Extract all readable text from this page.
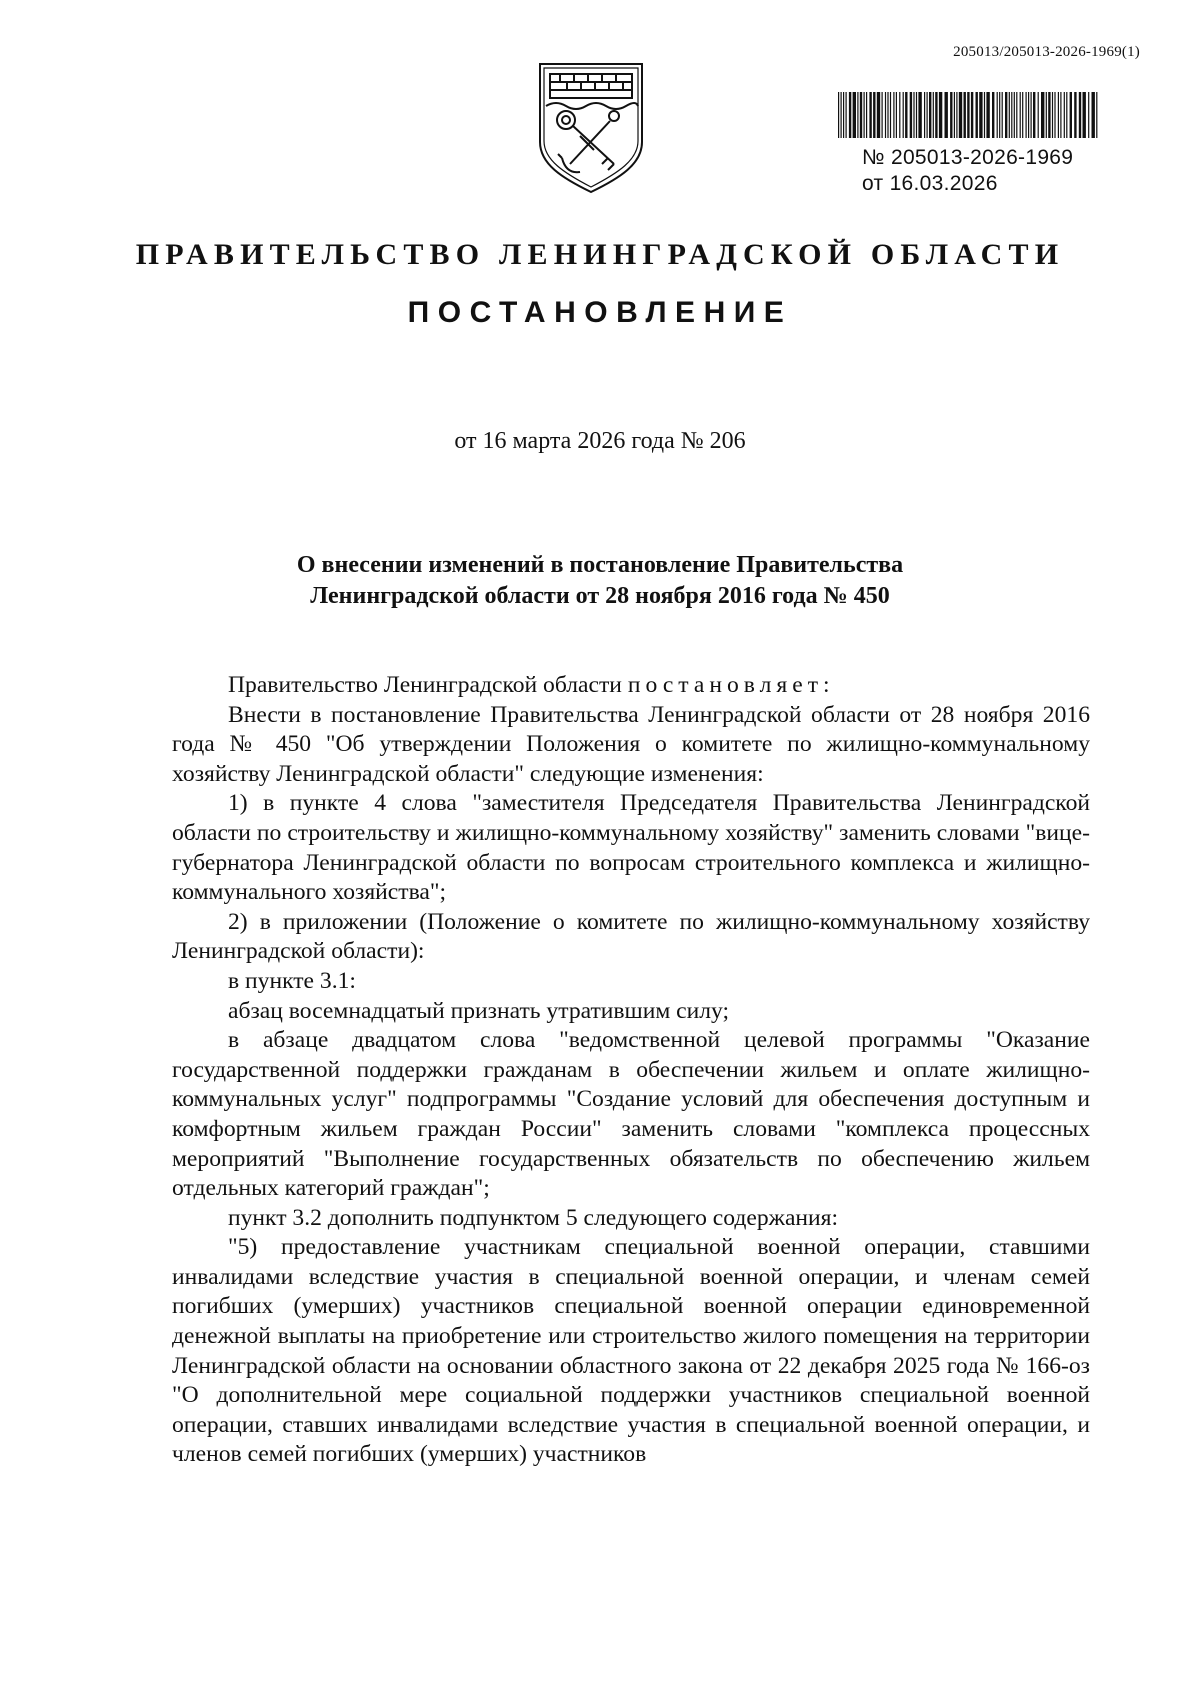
205013/205013-2026-1969(1)
№ 205013-2026-1969
от 16.03.2026
ПРАВИТЕЛЬСТВО ЛЕНИНГРАДСКОЙ ОБЛАСТИ
ПОСТАНОВЛЕНИЕ
от 16 марта 2026 года № 206
О внесении изменений в постановление Правительства
Ленинградской области от 28 ноября 2016 года № 450

Правительство Ленинградской области постановляет:

Внести в постановление Правительства Ленинградской области от 28 ноября 2016 года № 450 "Об утверждении Положения о комитете по жилищно-коммунальному хозяйству Ленинградской области" следующие изменения:

1) в пункте 4 слова "заместителя Председателя Правительства Ленинградской области по строительству и жилищно-коммунальному хозяйству" заменить словами "вице-губернатора Ленинградской области по вопросам строительного комплекса и жилищно-коммунального хозяйства";

2) в приложении (Положение о комитете по жилищно-коммунальному хозяйству Ленинградской области):

в пункте 3.1:

абзац восемнадцатый признать утратившим силу;

в абзаце двадцатом слова "ведомственной целевой программы "Оказание государственной поддержки гражданам в обеспечении жильем и оплате жилищно-коммунальных услуг" подпрограммы "Создание условий для обеспечения доступным и комфортным жильем граждан России" заменить словами "комплекса процессных мероприятий "Выполнение государственных обязательств по обеспечению жильем отдельных категорий граждан";

пункт 3.2 дополнить подпунктом 5 следующего содержания:

"5) предоставление участникам специальной военной операции, ставшими инвалидами вследствие участия в специальной военной операции, и членам семей погибших (умерших) участников специальной военной операции единовременной денежной выплаты на приобретение или строительство жилого помещения на территории Ленинградской области на основании областного закона от 22 декабря 2025 года № 166-оз "О дополнительной мере социальной поддержки участников специальной военной операции, ставших инвалидами вследствие участия в специальной военной операции, и членов семей погибших (умерших) участников
